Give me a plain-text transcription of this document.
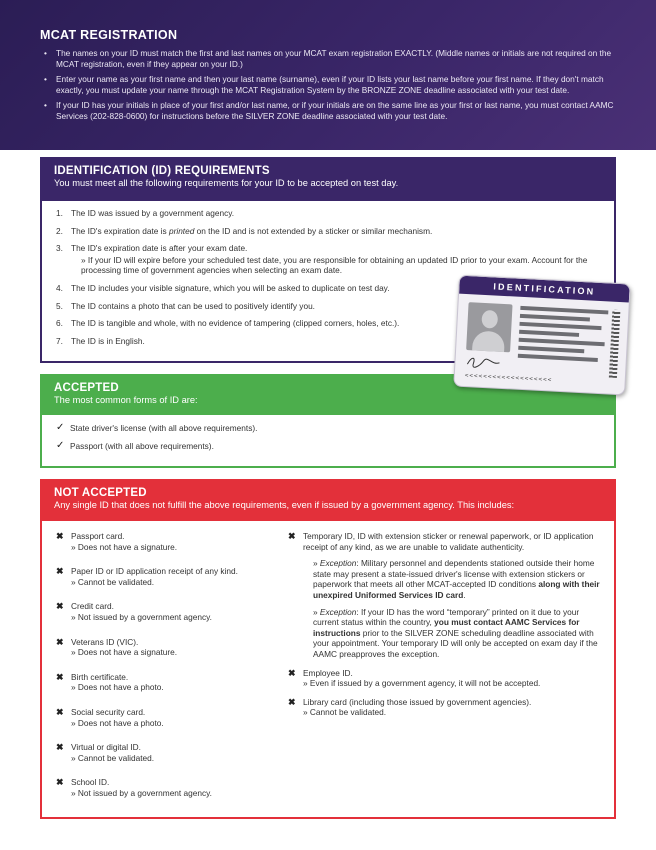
MCAT REGISTRATION
• The names on your ID must match the first and last names on your MCAT exam registration EXACTLY. (Middle names or initials are not required on the MCAT registration, even if they appear on your ID.)
• Enter your name as your first name and then your last name (surname), even if your ID lists your last name before your first name. If they don't match exactly, you must update your name through the MCAT Registration System by the BRONZE ZONE deadline associated with your test date.
• If your ID has your initials in place of your first and/or last name, or if your initials are on the same line as your first or last name, you must contact AAMC Services (202-828-0600) for instructions before the SILVER ZONE deadline associated with your test date.
IDENTIFICATION (ID) REQUIREMENTS
You must meet all the following requirements for your ID to be accepted on test day.
1. The ID was issued by a government agency.
2. The ID's expiration date is printed on the ID and is not extended by a sticker or similar mechanism.
3. The ID's expiration date is after your exam date.
» If your ID will expire before your scheduled test date, you are responsible for obtaining an updated ID prior to your exam. Account for the processing time of government agencies when selecting an exam date.
4. The ID includes your visible signature, which you will be asked to duplicate on test day.
5. The ID contains a photo that can be used to positively identify you.
6. The ID is tangible and whole, with no evidence of tampering (clipped corners, holes, etc.).
7. The ID is in English.
ACCEPTED
The most common forms of ID are:
✓ State driver's license (with all above requirements).
✓ Passport (with all above requirements).
NOT ACCEPTED
Any single ID that does not fulfill the above requirements, even if issued by a government agency. This includes:
✖ Passport card.
» Does not have a signature.
✖ Paper ID or ID application receipt of any kind.
» Cannot be validated.
✖ Credit card.
» Not issued by a government agency.
✖ Veterans ID (VIC).
» Does not have a signature.
✖ Birth certificate.
» Does not have a photo.
✖ Social security card.
» Does not have a photo.
✖ Virtual or digital ID.
» Cannot be validated.
✖ School ID.
» Not issued by a government agency.
✖ Temporary ID, ID with extension sticker or renewal paperwork, or ID application receipt of any kind, as we are unable to validate authenticity.
» Exception: Military personnel and dependents stationed outside their home state may present a state-issued driver's license with extension stickers or paperwork that meets all other MCAT-accepted ID conditions along with their unexpired Uniformed Services ID card.
» Exception: If your ID has the word “temporary” printed on it due to your current status within the country, you must contact AAMC Services for instructions prior to the SILVER ZONE scheduling deadline associated with your appointment. Your temporary ID will only be accepted on exam day if the AAMC preapproves the exception.
✖ Employee ID.
» Even if issued by a government agency, it will not be accepted.
✖ Library card (including those issued by government agencies).
» Cannot be validated.
IDENTIFICATION
<<<<<<<<<<<<<<<<<<<
